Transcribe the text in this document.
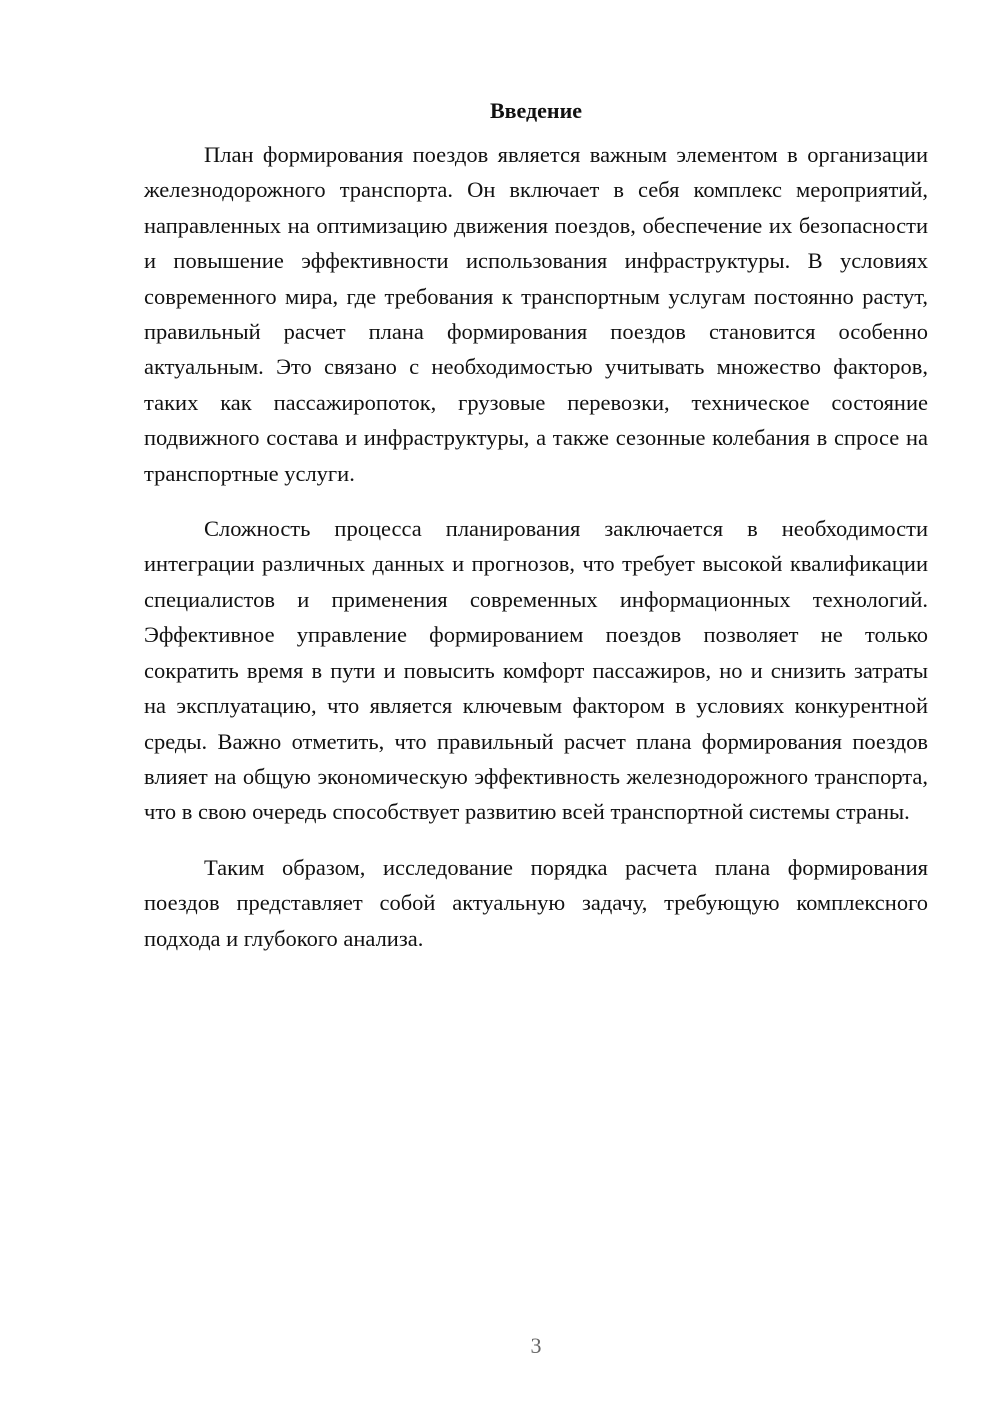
Введение

План формирования поездов является важным элементом в организации железнодорожного транспорта. Он включает в себя комплекс мероприятий, направленных на оптимизацию движения поездов, обеспечение их безопасности и повышение эффективности использования инфраструктуры. В условиях современного мира, где требования к транспортным услугам постоянно растут, правильный расчет плана формирования поездов становится особенно актуальным. Это связано с необходимостью учитывать множество факторов, таких как пассажиропоток, грузовые перевозки, техническое состояние подвижного состава и инфраструктуры, а также сезонные колебания в спросе на транспортные услуги.

Сложность процесса планирования заключается в необходимости интеграции различных данных и прогнозов, что требует высокой квалификации специалистов и применения современных информационных технологий. Эффективное управление формированием поездов позволяет не только сократить время в пути и повысить комфорт пассажиров, но и снизить затраты на эксплуатацию, что является ключевым фактором в условиях конкурентной среды. Важно отметить, что правильный расчет плана формирования поездов влияет на общую экономическую эффективность железнодорожного транспорта, что в свою очередь способствует развитию всей транспортной системы страны.

Таким образом, исследование порядка расчета плана формирования поездов представляет собой актуальную задачу, требующую комплексного подхода и глубокого анализа.

3
